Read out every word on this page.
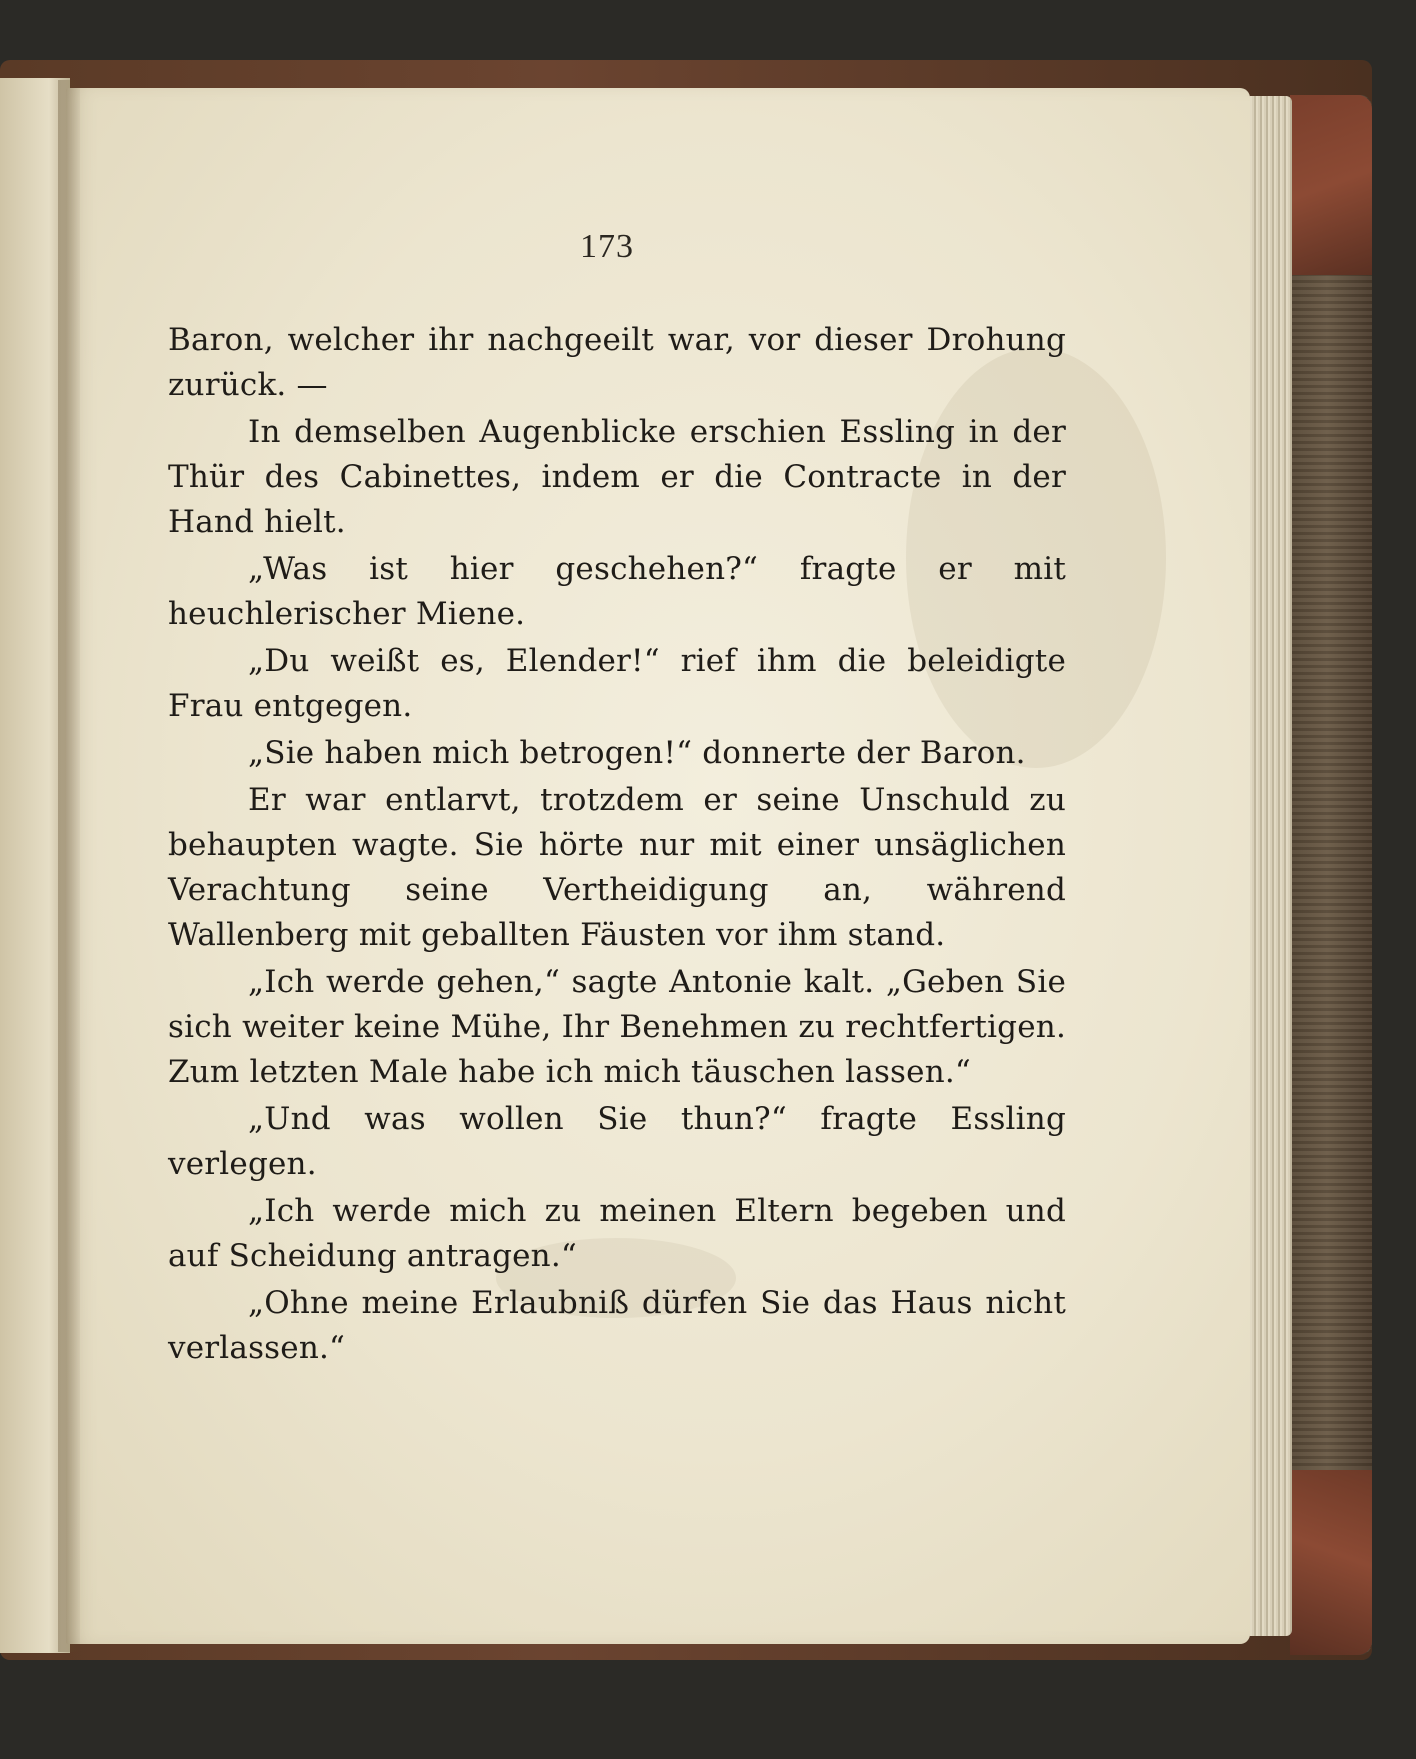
173

Baron, welcher ihr nachgeeilt war, vor dieser Drohung zurück. —

In demselben Augenblicke erschien Essling in der Thür des Cabinettes, indem er die Contracte in der Hand hielt.

„Was ist hier geschehen?“ fragte er mit heuchlerischer Miene.

„Du weißt es, Elender!“ rief ihm die beleidigte Frau entgegen.

„Sie haben mich betrogen!“ donnerte der Baron.

Er war entlarvt, trotzdem er seine Unschuld zu behaupten wagte. Sie hörte nur mit einer unsäglichen Verachtung seine Vertheidigung an, während Wallenberg mit geballten Fäusten vor ihm stand.

„Ich werde gehen,“ sagte Antonie kalt. „Geben Sie sich weiter keine Mühe, Ihr Benehmen zu rechtfertigen. Zum letzten Male habe ich mich täuschen lassen.“

„Und was wollen Sie thun?“ fragte Essling verlegen.

„Ich werde mich zu meinen Eltern begeben und auf Scheidung antragen.“

„Ohne meine Erlaubniß dürfen Sie das Haus nicht verlassen.“
